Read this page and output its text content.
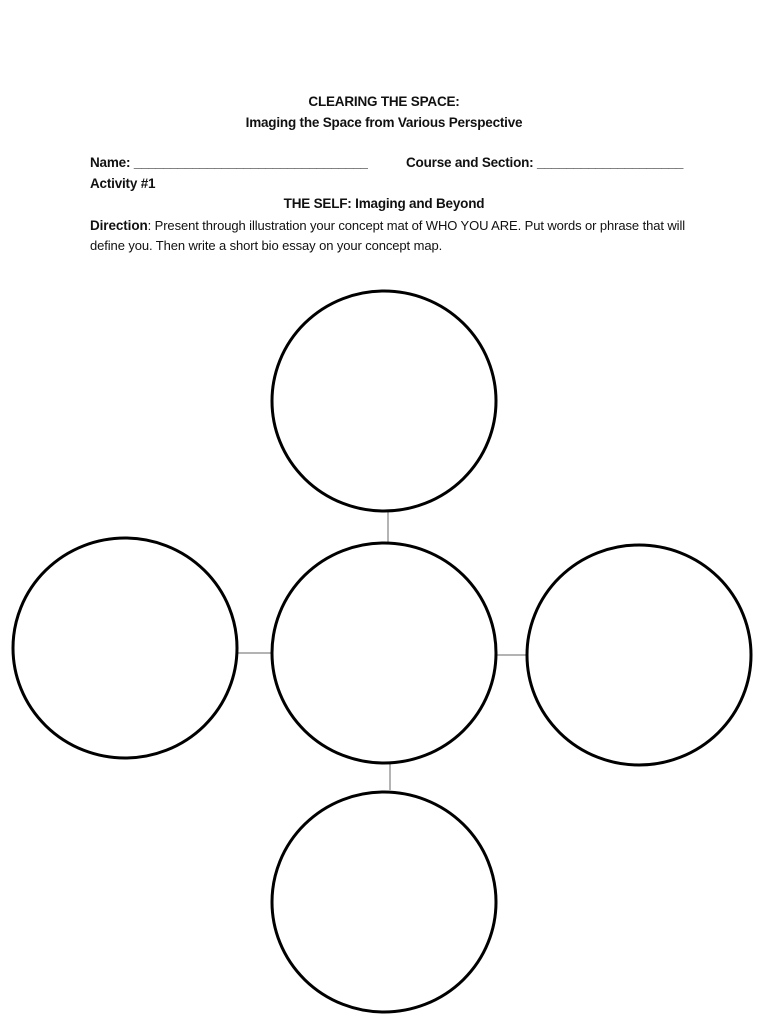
CLEARING THE SPACE:
Imaging the Space from Various Perspective
Name: ________________________________	Course and Section: ____________________
Activity #1
THE SELF: Imaging and Beyond
Direction: Present through illustration your concept mat of WHO YOU ARE. Put words or phrase that will define you. Then write a short bio essay on your concept map.
